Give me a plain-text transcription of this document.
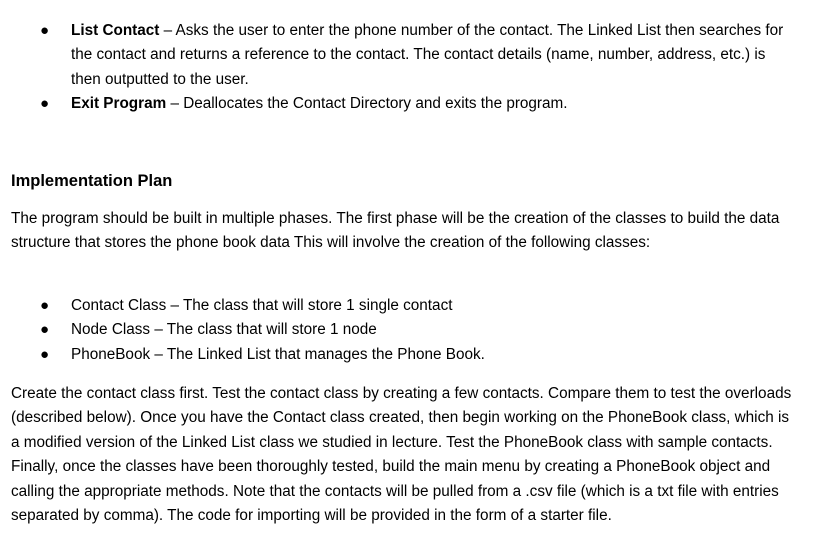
● List Contact – Asks the user to enter the phone number of the contact. The Linked List then searches for the contact and returns a reference to the contact. The contact details (name, number, address, etc.) is then outputted to the user.
● Exit Program – Deallocates the Contact Directory and exits the program.
Implementation Plan

The program should be built in multiple phases. The first phase will be the creation of the classes to build the data structure that stores the phone book data This will involve the creation of the following classes:

● Contact Class – The class that will store 1 single contact
● Node Class – The class that will store 1 node
● PhoneBook – The Linked List that manages the Phone Book.

Create the contact class first. Test the contact class by creating a few contacts. Compare them to test the overloads (described below). Once you have the Contact class created, then begin working on the PhoneBook class, which is a modified version of the Linked List class we studied in lecture. Test the PhoneBook class with sample contacts. Finally, once the classes have been thoroughly tested, build the main menu by creating a PhoneBook object and calling the appropriate methods. Note that the contacts will be pulled from a .csv file (which is a txt file with entries separated by comma). The code for importing will be provided in the form of a starter file.
